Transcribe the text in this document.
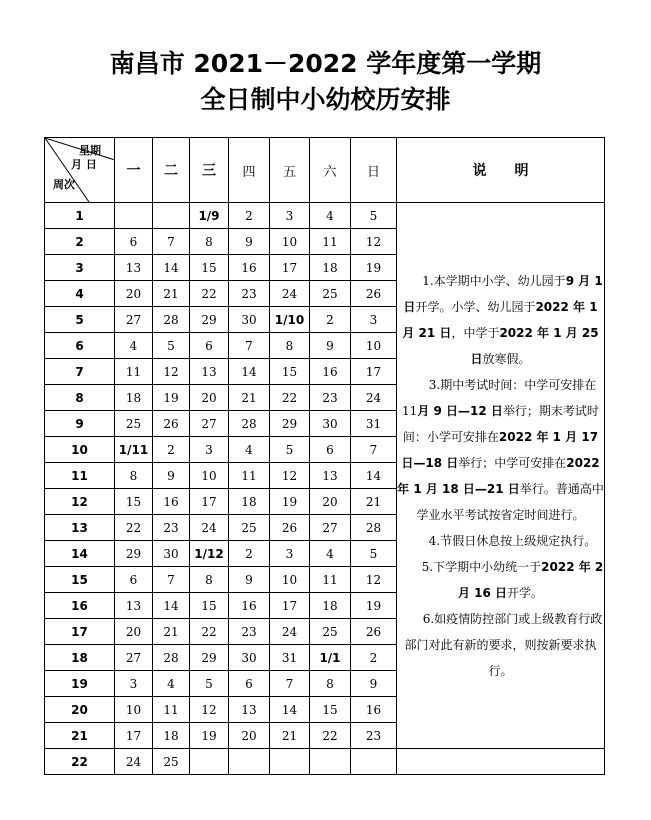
南昌市 2021－2022 学年度第一学期
全日制中小幼校历安排
星期
月 日
周次	一	二	三	四	五	六	日	说　　明
1			1/9	2	3	4	5	1.本学期中小学、幼儿园于9 月 1 日开学。小学、幼儿园于2022 年 1 月 21 日，中学于2022 年 1 月 25 日放寒假。

3.期中考试时间：中学可安排在 11月 9 日—12 日举行；期末考试时间：小学可安排在2022 年 1 月 17 日—18 日举行；中学可安排在2022 年 1 月 18 日—21 日举行。普通高中学业水平考试按省定时间进行。

4.节假日休息按上级规定执行。

5.下学期中小幼统一于2022 年 2 月 16 日开学。

6.如疫情防控部门或上级教育行政部门对此有新的要求，则按新要求执行。

2	6	7	8	9	10	11	12	
3	13	14	15	16	17	18	19	
4	20	21	22	23	24	25	26	
5	27	28	29	30	1/10	2	3	
6	4	5	6	7	8	9	10	
7	11	12	13	14	15	16	17	
8	18	19	20	21	22	23	24	
9	25	26	27	28	29	30	31	
10	1/11	2	3	4	5	6	7	
11	8	9	10	11	12	13	14	
12	15	16	17	18	19	20	21	
13	22	23	24	25	26	27	28	
14	29	30	1/12	2	3	4	5	
15	6	7	8	9	10	11	12	
16	13	14	15	16	17	18	19	
17	20	21	22	23	24	25	26	
18	27	28	29	30	31	1/1	2	
19	3	4	5	6	7	8	9	
20	10	11	12	13	14	15	16	
21	17	18	19	20	21	22	23	
22	24	25						
